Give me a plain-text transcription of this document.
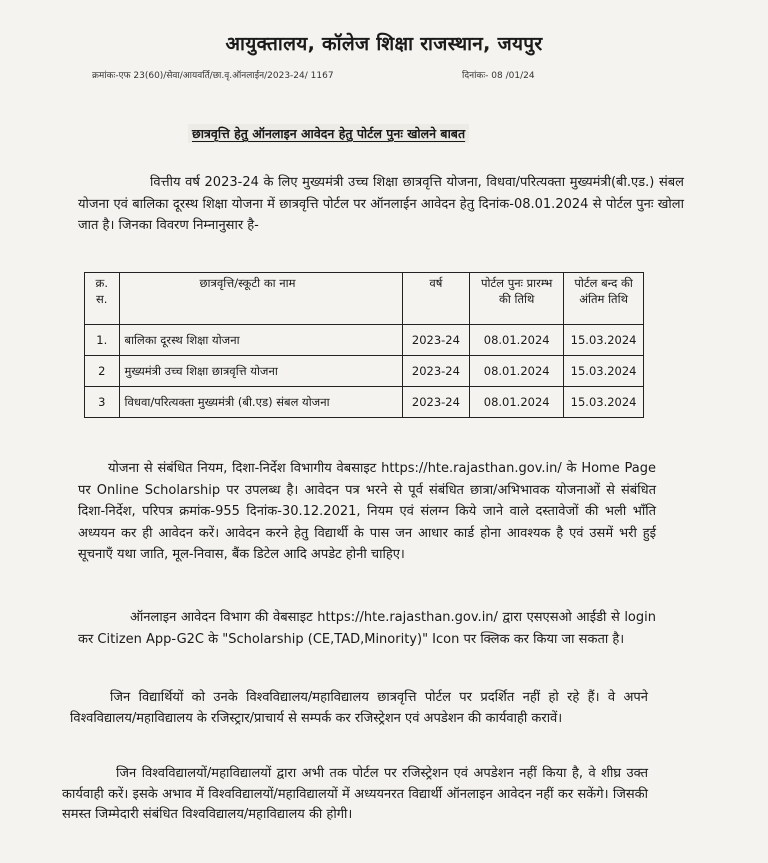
आयुक्तालय, कॉलेज शिक्षा राजस्थान, जयपुर
क्रमांकः-एफ 23(60)/सेवा/आयवर्ति/छा.वृ.ऑनलाईन/2023-24/ 1167	दिनांकः- 08 /01/24
छात्रवृत्ति हेतु ऑनलाइन आवेदन हेतु पोर्टल पुनः खोलने बाबत

वित्तीय वर्ष 2023-24 के लिए मुख्यमंत्री उच्च शिक्षा छात्रवृत्ति योजना, विधवा/परित्यक्ता मुख्यमंत्री(बी.एड.) संबल योजना एवं बालिका दूरस्थ शिक्षा योजना में छात्रवृत्ति पोर्टल पर ऑनलाईन आवेदन हेतु दिनांक-08.01.2024 से पोर्टल पुनः खोला जात है। जिनका विवरण निम्नानुसार है-

क्र. स.	छात्रवृत्ति/स्कूटी का नाम	वर्ष	पोर्टल पुनः प्रारम्भ की तिथि	पोर्टल बन्द की अंतिम तिथि
1.	बालिका दूरस्थ शिक्षा योजना	2023-24	08.01.2024	15.03.2024
2	मुख्यमंत्री उच्च शिक्षा छात्रवृत्ति योजना	2023-24	08.01.2024	15.03.2024
3	विधवा/परित्यक्ता मुख्यमंत्री (बी.एड) संबल योजना	2023-24	08.01.2024	15.03.2024

योजना से संबंधित नियम, दिशा-निर्देश विभागीय वेबसाइट https://hte.rajasthan.gov.in/ के Home Page पर Online Scholarship पर उपलब्ध है। आवेदन पत्र भरने से पूर्व संबंधित छात्रा/अभिभावक योजनाओं से संबंधित दिशा-निर्देश, परिपत्र क्रमांक-955 दिनांक-30.12.2021, नियम एवं संलग्न किये जाने वाले दस्तावेजों की भली भाँति अध्ययन कर ही आवेदन करें। आवेदन करने हेतु विद्यार्थी के पास जन आधार कार्ड होना आवश्यक है एवं उसमें भरी हुई सूचनाएँ यथा जाति, मूल-निवास, बैंक डिटेल आदि अपडेट होनी चाहिए।

ऑनलाइन आवेदन विभाग की वेबसाइट https://hte.rajasthan.gov.in/ द्वारा एसएसओ आईडी से login कर Citizen App-G2C के "Scholarship (CE,TAD,Minority)" Icon पर क्लिक कर किया जा सकता है।

जिन विद्यार्थियों को उनके विश्वविद्यालय/महाविद्यालय छात्रवृत्ति पोर्टल पर प्रदर्शित नहीं हो रहे हैं। वे अपने विश्वविद्यालय/महाविद्यालय के रजिस्ट्रार/प्राचार्य से सम्पर्क कर रजिस्ट्रेशन एवं अपडेशन की कार्यवाही करावें।

जिन विश्वविद्यालयों/महाविद्यालयों द्वारा अभी तक पोर्टल पर रजिस्ट्रेशन एवं अपडेशन नहीं किया है, वे शीघ्र उक्त कार्यवाही करें। इसके अभाव में विश्वविद्यालयों/महाविद्यालयों में अध्ययनरत विद्यार्थी ऑनलाइन आवेदन नहीं कर सकेंगे। जिसकी समस्त जिम्मेदारी संबंधित विश्वविद्यालय/महाविद्यालय की होगी।
